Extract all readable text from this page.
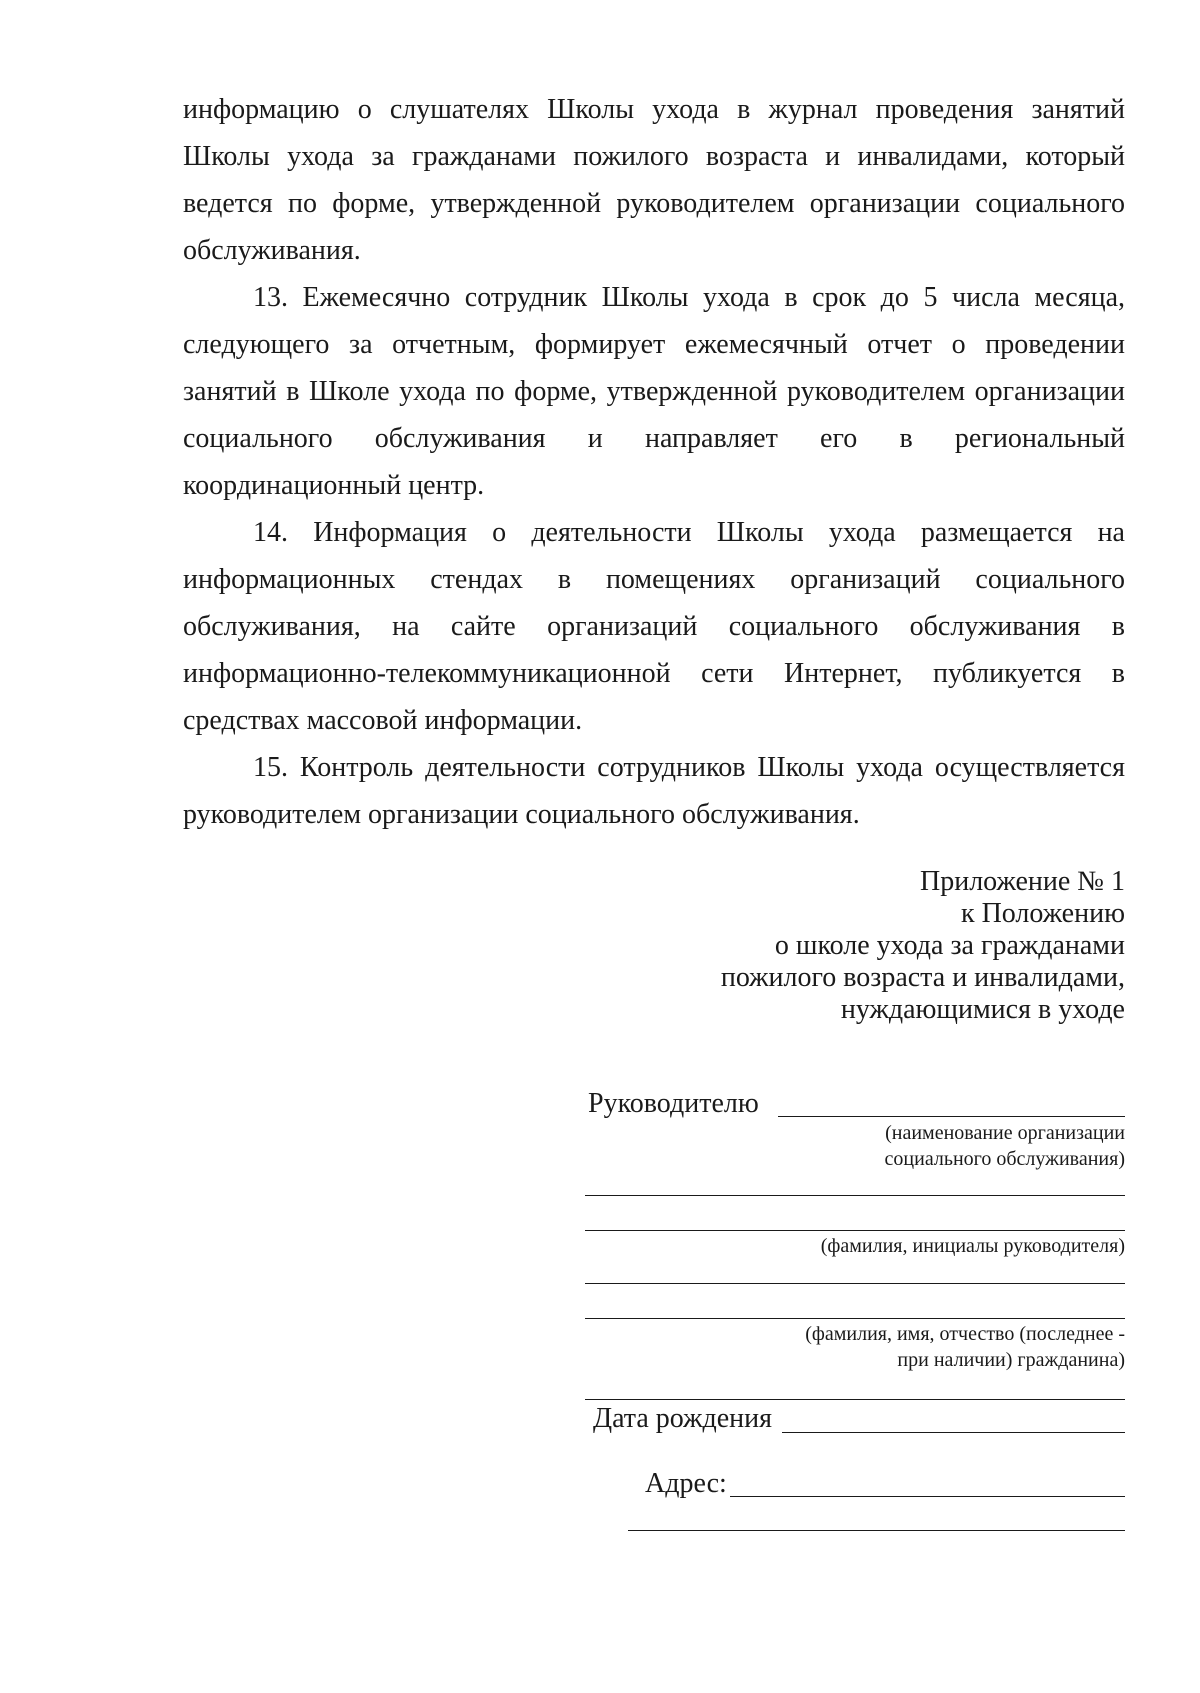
информацию о слушателях Школы ухода в журнал проведения занятий Школы ухода за гражданами пожилого возраста и инвалидами, который ведется по форме, утвержденной руководителем организации социального обслуживания.

13. Ежемесячно сотрудник Школы ухода в срок до 5 числа месяца, следующего за отчетным, формирует ежемесячный отчет о проведении занятий в Школе ухода по форме, утвержденной руководителем организации социального обслуживания и направляет его в региональный координационный центр.

14. Информация о деятельности Школы ухода размещается на информационных стендах в помещениях организаций социального обслуживания, на сайте организаций социального обслуживания в информационно-телекоммуникационной сети Интернет, публикуется в средствах массовой информации.

15. Контроль деятельности сотрудников Школы ухода осуществляется руководителем организации социального обслуживания.

Приложение № 1
к Положению
о школе ухода за гражданами
пожилого возраста и инвалидами,
нуждающимися в уходе
Руководителю
(наименование организации
социального обслуживания)
(фамилия, инициалы руководителя)
(фамилия, имя, отчество (последнее -
при наличии) гражданина)
Дата рождения
Адрес:
